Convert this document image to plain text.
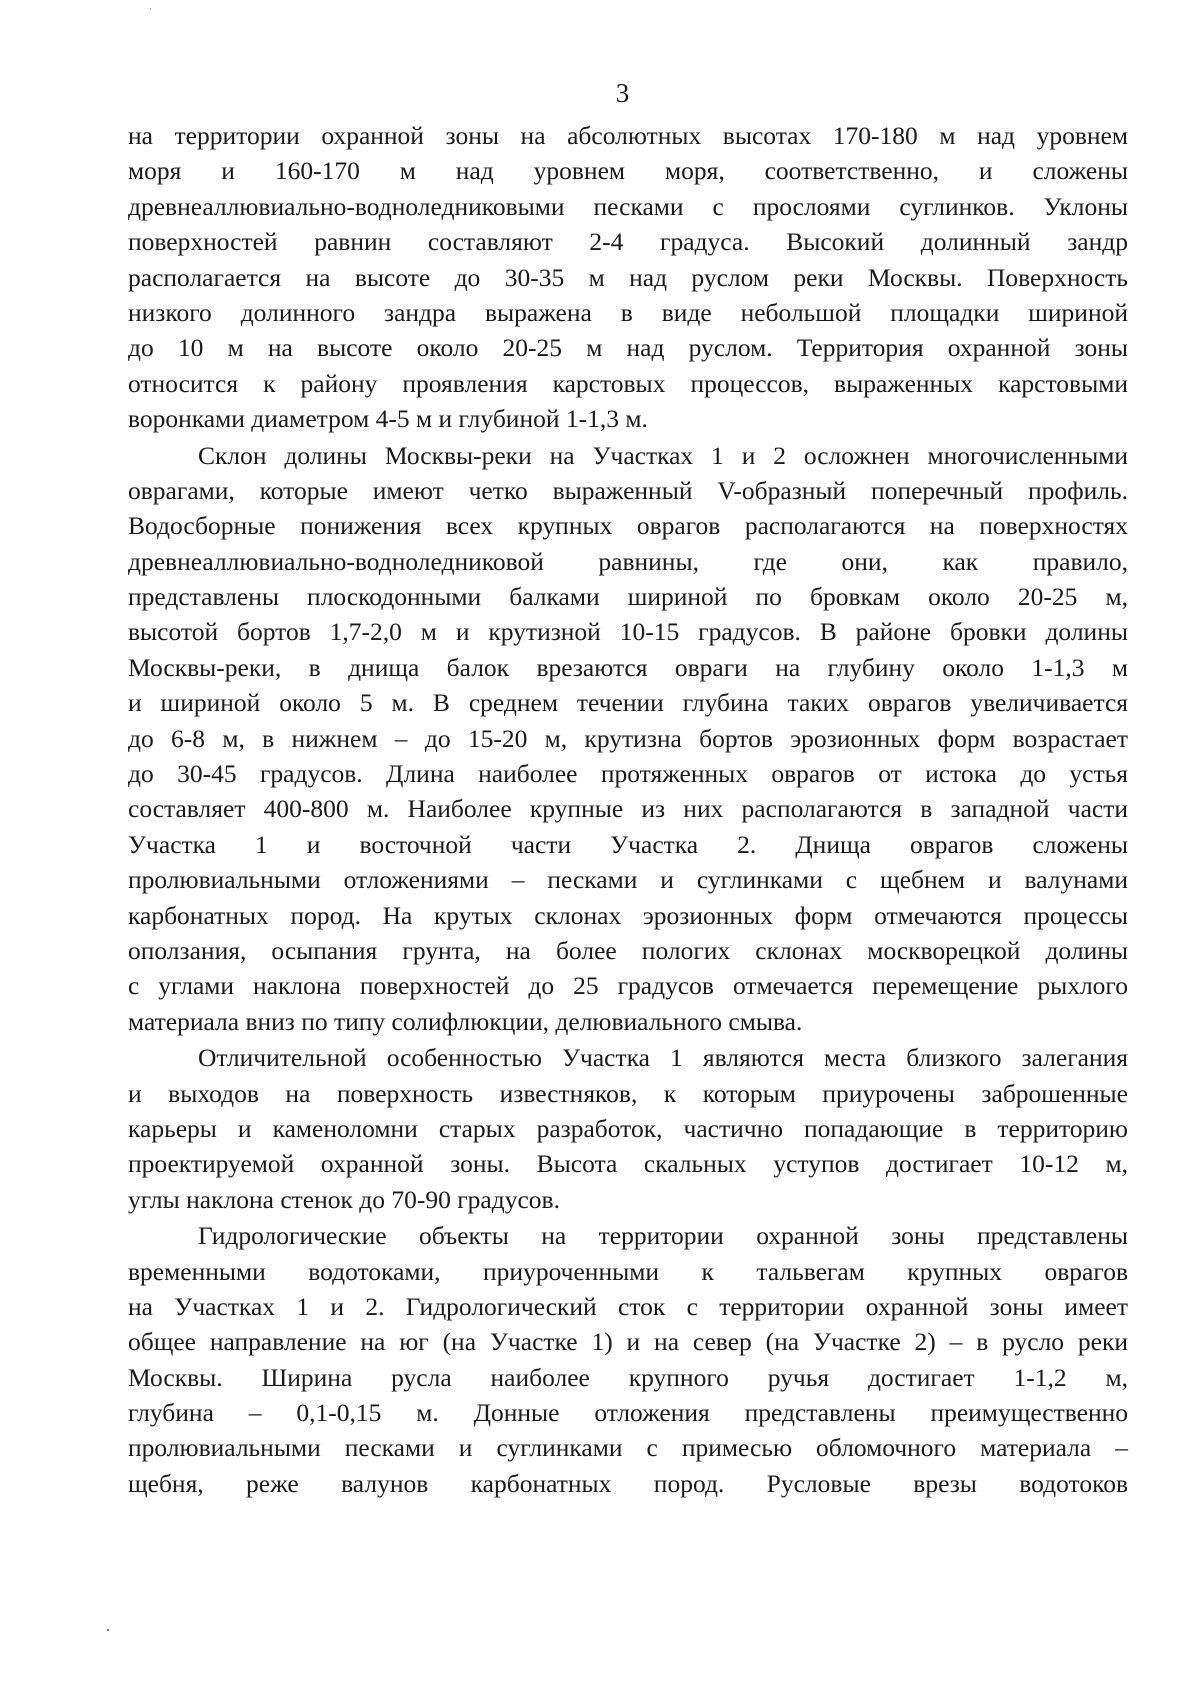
3
на территории охранной зоны на абсолютных высотах 170-180 м над уровнем
моря и 160-170 м над уровнем моря, соответственно, и сложены
древнеаллювиально-водноледниковыми песками с прослоями суглинков. Уклоны
поверхностей равнин составляют 2-4 градуса. Высокий долинный зандр
располагается на высоте до 30-35 м над руслом реки Москвы. Поверхность
низкого долинного зандра выражена в виде небольшой площадки шириной
до 10 м на высоте около 20-25 м над руслом. Территория охранной зоны
относится к району проявления карстовых процессов, выраженных карстовыми
воронками диаметром 4-5 м и глубиной 1-1,3 м.
Склон долины Москвы-реки на Участках 1 и 2 осложнен многочисленными
оврагами, которые имеют четко выраженный V-образный поперечный профиль.
Водосборные понижения всех крупных оврагов располагаются на поверхностях
древнеаллювиально-водноледниковой равнины, где они, как правило,
представлены плоскодонными балками шириной по бровкам около 20-25 м,
высотой бортов 1,7-2,0 м и крутизной 10-15 градусов. В районе бровки долины
Москвы-реки, в днища балок врезаются овраги на глубину около 1-1,3 м
и шириной около 5 м. В среднем течении глубина таких оврагов увеличивается
до 6-8 м, в нижнем – до 15-20 м, крутизна бортов эрозионных форм возрастает
до 30-45 градусов. Длина наиболее протяженных оврагов от истока до устья
составляет 400-800 м. Наиболее крупные из них располагаются в западной части
Участка 1 и восточной части Участка 2. Днища оврагов сложены
пролювиальными отложениями – песками и суглинками с щебнем и валунами
карбонатных пород. На крутых склонах эрозионных форм отмечаются процессы
оползания, осыпания грунта, на более пологих склонах москворецкой долины
с углами наклона поверхностей до 25 градусов отмечается перемещение рыхлого
материала вниз по типу солифлюкции, делювиального смыва.
Отличительной особенностью Участка 1 являются места близкого залегания
и выходов на поверхность известняков, к которым приурочены заброшенные
карьеры и каменоломни старых разработок, частично попадающие в территорию
проектируемой охранной зоны. Высота скальных уступов достигает 10-12 м,
углы наклона стенок до 70-90 градусов.
Гидрологические объекты на территории охранной зоны представлены
временными водотоками, приуроченными к тальвегам крупных оврагов
на Участках 1 и 2. Гидрологический сток с территории охранной зоны имеет
общее направление на юг (на Участке 1) и на север (на Участке 2) – в русло реки
Москвы. Ширина русла наиболее крупного ручья достигает 1-1,2 м,
глубина – 0,1-0,15 м. Донные отложения представлены преимущественно
пролювиальными песками и суглинками с примесью обломочного материала –
щебня, реже валунов карбонатных пород. Русловые врезы водотоков
